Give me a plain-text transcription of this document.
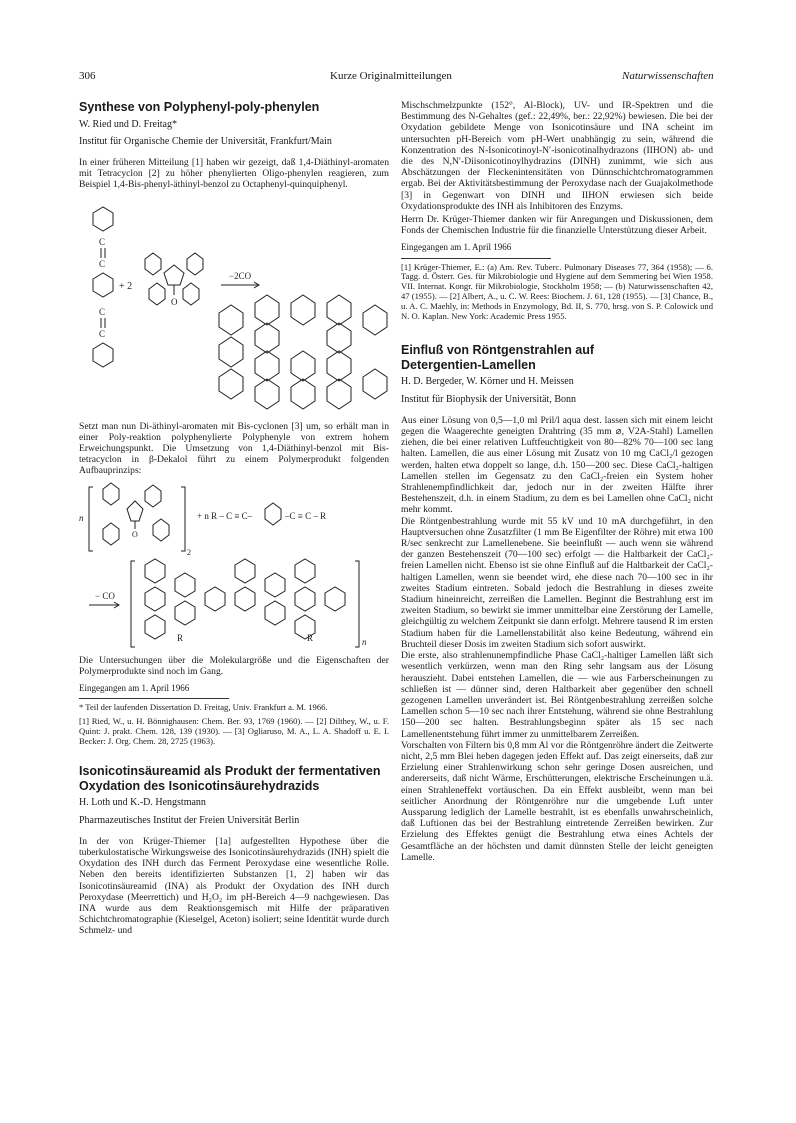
306	Kurze Originalmitteilungen	Naturwissenschaften
Synthese von Polyphenyl-poly-phenylen
W. Ried und D. Freitag*
Institut für Organische Chemie der Universität, Frankfurt/Main

In einer früheren Mitteilung [1] haben wir gezeigt, daß 1,4-Diäthinyl-aromaten mit Tetracyclon [2] zu höher phenylierten Oligo-phenylen reagieren, zum Beispiel 1,4-Bis-phenyl-äthinyl-benzol zu Octaphenyl-quinquiphenyl.

C
C
C
C
+ 2
O
−2CO

Setzt man nun Di-äthinyl-aromaten mit Bis-cyclonen [3] um, so erhält man in einer Poly-reaktion polyphenylierte Polyphenyle von extrem hohem Erweichungspunkt. Die Umsetzung von 1,4-Diäthinyl-benzol mit Bis-tetracyclon in β-Dekalol führt zu einem Polymerprodukt folgenden Aufbauprinzips:

n
O
2
+ n R – C ≡ C–	–C ≡ C – R
− CO
R	R	n

Die Untersuchungen über die Molekulargröße und die Eigenschaften der Polymerprodukte sind noch im Gang.

Eingegangen am 1. April 1966

* Teil der laufenden Dissertation D. Freitag, Univ. Frankfurt a. M. 1966.

[1] Ried, W., u. H. Bönnighausen: Chem. Ber. 93, 1769 (1960). — [2] Dilthey, W., u. F. Quint: J. prakt. Chem. 128, 139 (1930). — [3] Ogliaruso, M. A., L. A. Shadoff u. E. I. Becker: J. Org. Chem. 28, 2725 (1963).

Isonicotinsäureamid als Produkt der fermentativen Oxydation des Isonicotinsäurehydrazids
H. Loth und K.-D. Hengstmann
Pharmazeutisches Institut der Freien Universität Berlin

In der von Krüger-Thiemer [1a] aufgestellten Hypothese über die tuberkulostatische Wirkungsweise des Isonicotinsäurehydrazids (INH) spielt die Oxydation des INH durch das Ferment Peroxydase eine wesentliche Rolle. Neben den bereits identifizierten Substanzen [1, 2] haben wir das Isonicotinsäureamid (INA) als Produkt der Oxydation des INH durch Peroxydase (Meerrettich) und H₂O₂ im pH-Bereich 4—9 nachgewiesen. Das INA wurde aus dem Reaktionsgemisch mit Hilfe der präparativen Schichtchromatographie (Kieselgel, Aceton) isoliert; seine Identität wurde durch Schmelz- und

Mischschmelzpunkte (152°, Al-Block), UV- und IR-Spektren und die Bestimmung des N-Gehaltes (gef.: 22,49%, ber.: 22,92%) bewiesen. Die bei der Oxydation gebildete Menge von Isonicotinsäure und INA scheint im untersuchten pH-Bereich vom pH-Wert unabhängig zu sein, während die Konzentration des N-Isonicotinoyl-N′-isonicotinalhydrazons (IIHON) ab- und die des N,N′-Diisonicotinoylhydrazins (DINH) zunimmt, wie sich aus Abschätzungen der Fleckenintensitäten von Dünnschichtchromatogrammen ergab. Bei der Aktivitätsbestimmung der Peroxydase nach der Guajakolmethode [3] in Gegenwart von DINH und IIHON erwiesen sich beide Oxydationsprodukte des INH als Inhibitoren des Enzyms.

Herrn Dr. Krüger-Thiemer danken wir für Anregungen und Diskussionen, dem Fonds der Chemischen Industrie für die finanzielle Unterstützung dieser Arbeit.

Eingegangen am 1. April 1966

[1] Krüger-Thiemer, E.: (a) Am. Rev. Tuberc. Pulmonary Diseases 77, 364 (1958); — 6. Tagg. d. Österr. Ges. für Mikrobiologie und Hygiene auf dem Semmering bei Wien 1958. VII. Internat. Kongr. für Mikrobiologie, Stockholm 1958; — (b) Naturwissenschaften 42, 47 (1955). — [2] Albert, A., u. C. W. Rees: Biochem. J. 61, 128 (1955). — [3] Chance, B., u. A. C. Maehly, in: Methods in Enzymology, Bd. II, S. 770, hrsg. von S. P. Colowick und N. O. Kaplan. New York: Academic Press 1955.

Einfluß von Röntgenstrahlen auf Detergentien-Lamellen
H. D. Bergeder, W. Körner und H. Meissen
Institut für Biophysik der Universität, Bonn

Aus einer Lösung von 0,5—1,0 ml Pril/l aqua dest. lassen sich mit einem leicht gegen die Waagerechte geneigten Drahtring (35 mm ⌀, V2A-Stahl) Lamellen ziehen, die bei einer relativen Luftfeuchtigkeit von 80—82% 70—100 sec lang halten. Lamellen, die aus einer Lösung mit Zusatz von 10 mg CaCl₂/l gezogen werden, halten etwa doppelt so lange, d.h. 150—200 sec. Diese CaCl₂-haltigen Lamellen stellen im Gegensatz zu den CaCl₂-freien ein System hoher Strahlenempfindlichkeit dar, jedoch nur in der zweiten Hälfte ihrer Bestehenszeit, d.h. in einem Stadium, zu dem es bei Lamellen ohne CaCl₂ nicht mehr kommt.

Die Röntgenbestrahlung wurde mit 55 kV und 10 mA durchgeführt, in den Hauptversuchen ohne Zusatzfilter (1 mm Be Eigenfilter der Röhre) mit etwa 100 R/sec senkrecht zur Lamellenebene. Sie beeinflußt — auch wenn sie während der ganzen Bestehenszeit (70—100 sec) erfolgt — die Haltbarkeit der CaCl₂-freien Lamellen nicht. Ebenso ist sie ohne Einfluß auf die Haltbarkeit der CaCl₂-haltigen Lamellen, wenn sie beendet wird, ehe diese nach 70—100 sec in ihr zweites Stadium eintreten. Sobald jedoch die Bestrahlung in dieses zweite Stadium hineinreicht, zerreißen die Lamellen. Beginnt die Bestrahlung erst im zweiten Stadium, so bewirkt sie immer unmittelbar eine Zerstörung der Lamelle, gleichgültig zu welchem Zeitpunkt sie dann erfolgt. Mehrere tausend R im ersten Stadium haben für die Lamellenstabilität also keine Bedeutung, während ein Bruchteil dieser Dosis im zweiten Stadium sich sofort auswirkt.

Die erste, also strahlenunempfindliche Phase CaCl₂-haltiger Lamellen läßt sich wesentlich verkürzen, wenn man den Ring sehr langsam aus der Lösung herauszieht. Dabei entstehen Lamellen, die — wie aus Farberscheinungen zu schließen ist — dünner sind, deren Haltbarkeit aber gegenüber den schnell gezogenen Lamellen unverändert ist. Bei Röntgenbestrahlung zerreißen solche Lamellen schon 5—10 sec nach ihrer Entstehung, während sie ohne Bestrahlung 150—200 sec halten. Bestrahlungsbeginn später als 15 sec nach Lamellenentstehung führt immer zu unmittelbarem Zerreißen.

Vorschalten von Filtern bis 0,8 mm Al vor die Röntgenröhre ändert die Zeitwerte nicht, 2,5 mm Blei heben dagegen jeden Effekt auf. Das zeigt einerseits, daß zur Erzielung einer Strahlenwirkung schon sehr geringe Dosen ausreichen, und andererseits, daß nicht Wärme, Erschütterungen, elektrische Erscheinungen u.ä. einen Strahleneffekt vortäuschen. Da ein Effekt ausbleibt, wenn man bei seitlicher Anordnung der Röntgenröhre nur die umgebende Luft unter Aussparung lediglich der Lamelle bestrahlt, ist es ebenfalls unwahrscheinlich, daß Luftionen das bei der Bestrahlung eintretende Zerreißen bewirken. Zur Erzielung des Effektes genügt die Bestrahlung etwa eines Achtels der Gesamtfläche an der höchsten und damit dünnsten Stelle der leicht geneigten Lamelle.
